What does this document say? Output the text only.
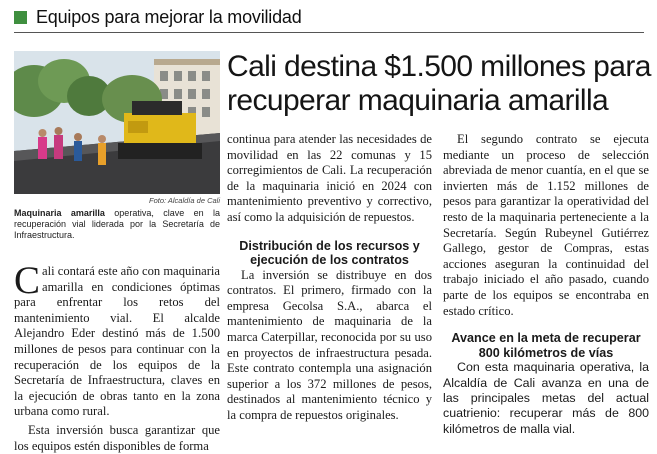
Equipos para mejorar la movilidad
Foto: Alcaldía de Cali
Maquinaria amarilla operativa, clave en la recuperación vial liderada por la Secretaría de Infraestructura.
Cali destina $1.500 millones para recuperar maquinaria amarilla

Cali contará este año con maquinaria amarilla en condiciones óptimas para enfrentar los retos del mantenimiento vial. El alcalde Alejandro Eder destinó más de 1.500 millones de pesos para continuar con la recuperación de los equipos de la Secretaría de Infraestructura, claves en la ejecución de obras tanto en la zona urbana como rural.

Esta inversión busca garantizar que los equipos estén disponibles de forma

continua para atender las necesidades de movilidad en las 22 comunas y 15 corregimientos de Cali. La recuperación de la maquinaria inició en 2024 con mantenimiento preventivo y correctivo, así como la adquisición de repuestos.

Distribución de los recursos y ejecución de los contratos

La inversión se distribuye en dos contratos. El primero, firmado con la empresa Gecolsa S.A., abarca el mantenimiento de maquinaria de la marca Caterpillar, reconocida por su uso en proyectos de infraestructura pesada. Este contrato contempla una asignación superior a los 372 millones de pesos, destinados al mantenimiento técnico y la compra de repuestos originales.

El segundo contrato se ejecuta mediante un proceso de selección abreviada de menor cuantía, en el que se invierten más de 1.152 millones de pesos para garantizar la operatividad del resto de la maquinaria perteneciente a la Secretaría. Según Rubeynel Gutiérrez Gallego, gestor de Compras, estas acciones aseguran la continuidad del trabajo iniciado el año pasado, cuando parte de los equipos se encontraba en estado crítico.

Avance en la meta de recuperar 800 kilómetros de vías

Con esta maquinaria operativa, la Alcaldía de Cali avanza en una de las principales metas del actual cuatrienio: recuperar más de 800 kilómetros de malla vial.
